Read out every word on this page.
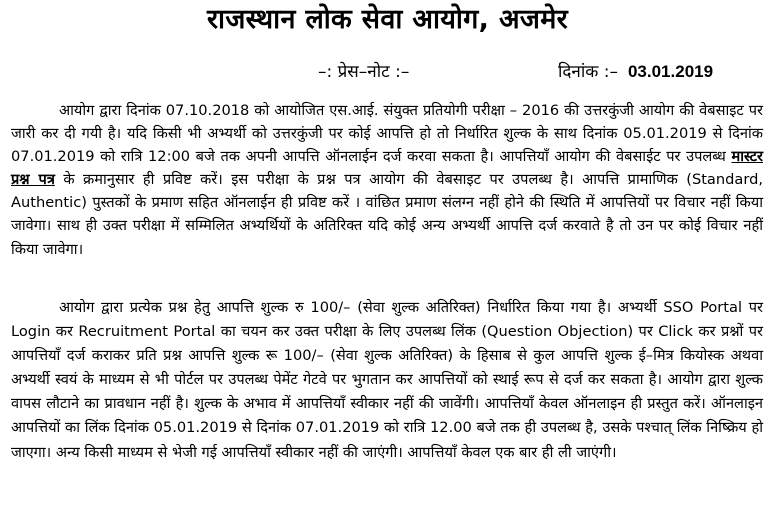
राजस्थान लोक सेवा आयोग, अजमेर
–: प्रेस–नोट :–	दिनांक :– 03.01.2019

आयोग द्वारा दिनांक 07.10.2018 को आयोजित एस.आई. संयुक्त प्रतियोगी परीक्षा – 2016 की उत्तरकुंजी आयोग की वेबसाइट पर जारी कर दी गयी है। यदि किसी भी अभ्यर्थी को उत्तरकुंजी पर कोई आपत्ति हो तो निर्धारित शुल्क के साथ दिनांक 05.01.2019 से दिनांक 07.01.2019 को रात्रि 12:00 बजे तक अपनी आपत्ति ऑनलाईन दर्ज करवा सकता है। आपत्तियाँ आयोग की वेबसाईट पर उपलब्ध मास्टर प्रश्न पत्र के क्रमानुसार ही प्रविष्ट करें। इस परीक्षा के प्रश्न पत्र आयोग की वेबसाइट पर उपलब्ध है। आपत्ति प्रामाणिक (Standard, Authentic) पुस्तकों के प्रमाण सहित ऑनलाईन ही प्रविष्ट करें । वांछित प्रमाण संलग्न नहीं होने की स्थिति में आपत्तियों पर विचार नहीं किया जावेगा। साथ ही उक्त परीक्षा में सम्मिलित अभ्यर्थियों के अतिरिक्त यदि कोई अन्य अभ्यर्थी आपत्ति दर्ज करवाते है तो उन पर कोई विचार नहीं किया जावेगा।

आयोग द्वारा प्रत्येक प्रश्न हेतु आपत्ति शुल्क रु 100/– (सेवा शुल्क अतिरिक्त) निर्धारित किया गया है। अभ्यर्थी SSO Portal पर Login कर Recruitment Portal का चयन कर उक्त परीक्षा के लिए उपलब्ध लिंक (Question Objection) पर Click कर प्रश्नों पर आपत्तियाँ दर्ज कराकर प्रति प्रश्न आपत्ति शुल्क रू 100/– (सेवा शुल्क अतिरिक्त) के हिसाब से कुल आपत्ति शुल्क ई–मित्र कियोस्क अथवा अभ्यर्थी स्वयं के माध्यम से भी पोर्टल पर उपलब्ध पेमेंट गेटवे पर भुगतान कर आपत्तियों को स्थाई रूप से दर्ज कर सकता है। आयोग द्वारा शुल्क वापस लौटाने का प्रावधान नहीं है। शुल्क के अभाव में आपत्तियाँ स्वीकार नहीं की जावेंगी। आपत्तियाँ केवल ऑनलाइन ही प्रस्तुत करें। ऑनलाइन आपत्तियों का लिंक दिनांक 05.01.2019 से दिनांक 07.01.2019 को रात्रि 12.00 बजे तक ही उपलब्ध है, उसके पश्चात् लिंक निष्क्रिय हो जाएगा। अन्य किसी माध्यम से भेजी गई आपत्तियाँ स्वीकार नहीं की जाएंगी। आपत्तियाँ केवल एक बार ही ली जाएंगी।
